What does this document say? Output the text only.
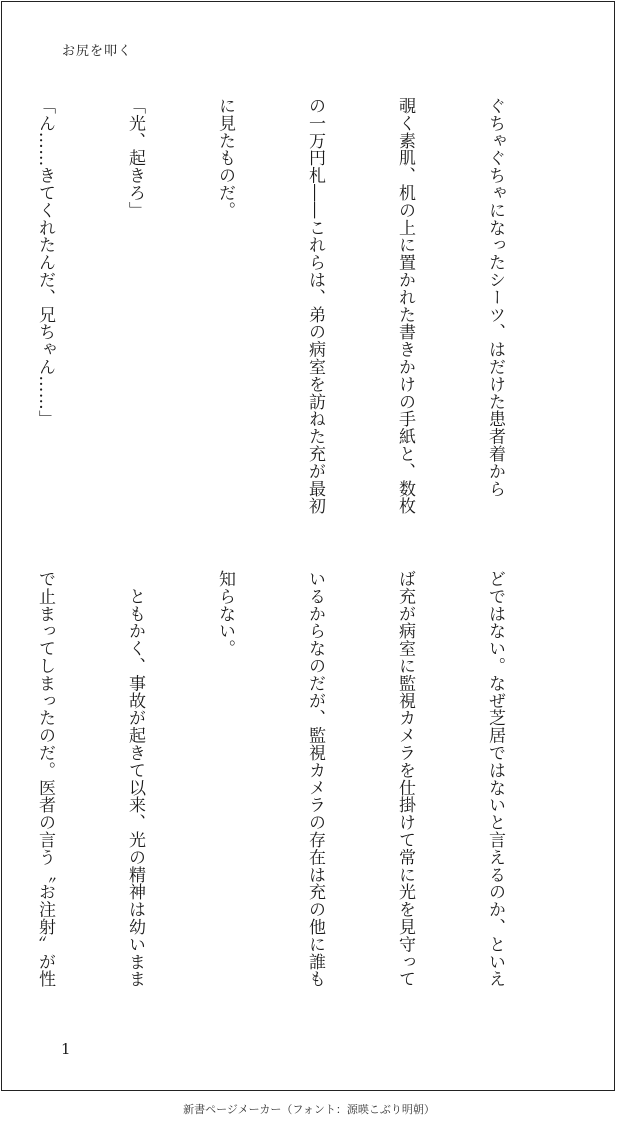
お尻を叩く

ぐちゃぐちゃになったシーツ、はだけた患者着から

覗く素肌、机の上に置かれた書きかけの手紙と、数枚

の一万円札――これらは、弟の病室を訪ねた充が最初

に見たものだ。

「光、起きろ」

「ん……きてくれたんだ、兄ちゃん……」

どではない。なぜ芝居ではないと言えるのか、といえ

ば充が病室に監視カメラを仕掛けて常に光を見守って

いるからなのだが、監視カメラの存在は充の他に誰も

知らない。

　ともかく、事故が起きて以来、光の精神は幼いまま

で止まってしまったのだ。医者の言う〝お注射〟が性

1
新書ページメーカー（フォント：源暎こぶり明朝）
